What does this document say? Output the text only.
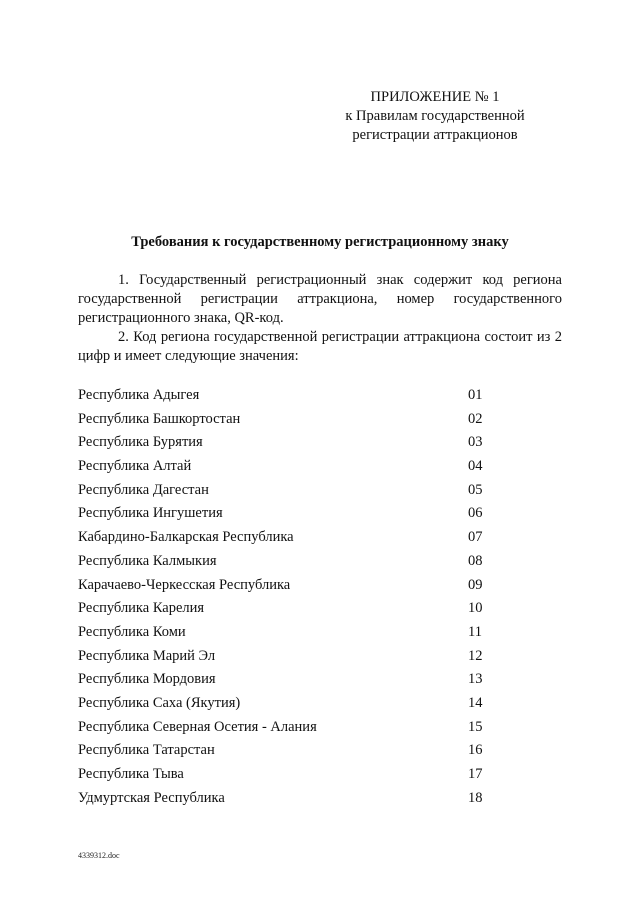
ПРИЛОЖЕНИЕ № 1
к Правилам государственной
регистрации аттракционов
Требования к государственному регистрационному знаку

1. Государственный регистрационный знак содержит код региона государственной регистрации аттракциона, номер государственного регистрационного знака, QR-код.

2. Код региона государственной регистрации аттракциона состоит из 2 цифр и имеет следующие значения:

Республика Адыгея	01
Республика Башкортостан	02
Республика Бурятия	03
Республика Алтай	04
Республика Дагестан	05
Республика Ингушетия	06
Кабардино-Балкарская Республика	07
Республика Калмыкия	08
Карачаево-Черкесская Республика	09
Республика Карелия	10
Республика Коми	11
Республика Марий Эл	12
Республика Мордовия	13
Республика Саха (Якутия)	14
Республика Северная Осетия - Алания	15
Республика Татарстан	16
Республика Тыва	17
Удмуртская Республика	18
4339312.doc
